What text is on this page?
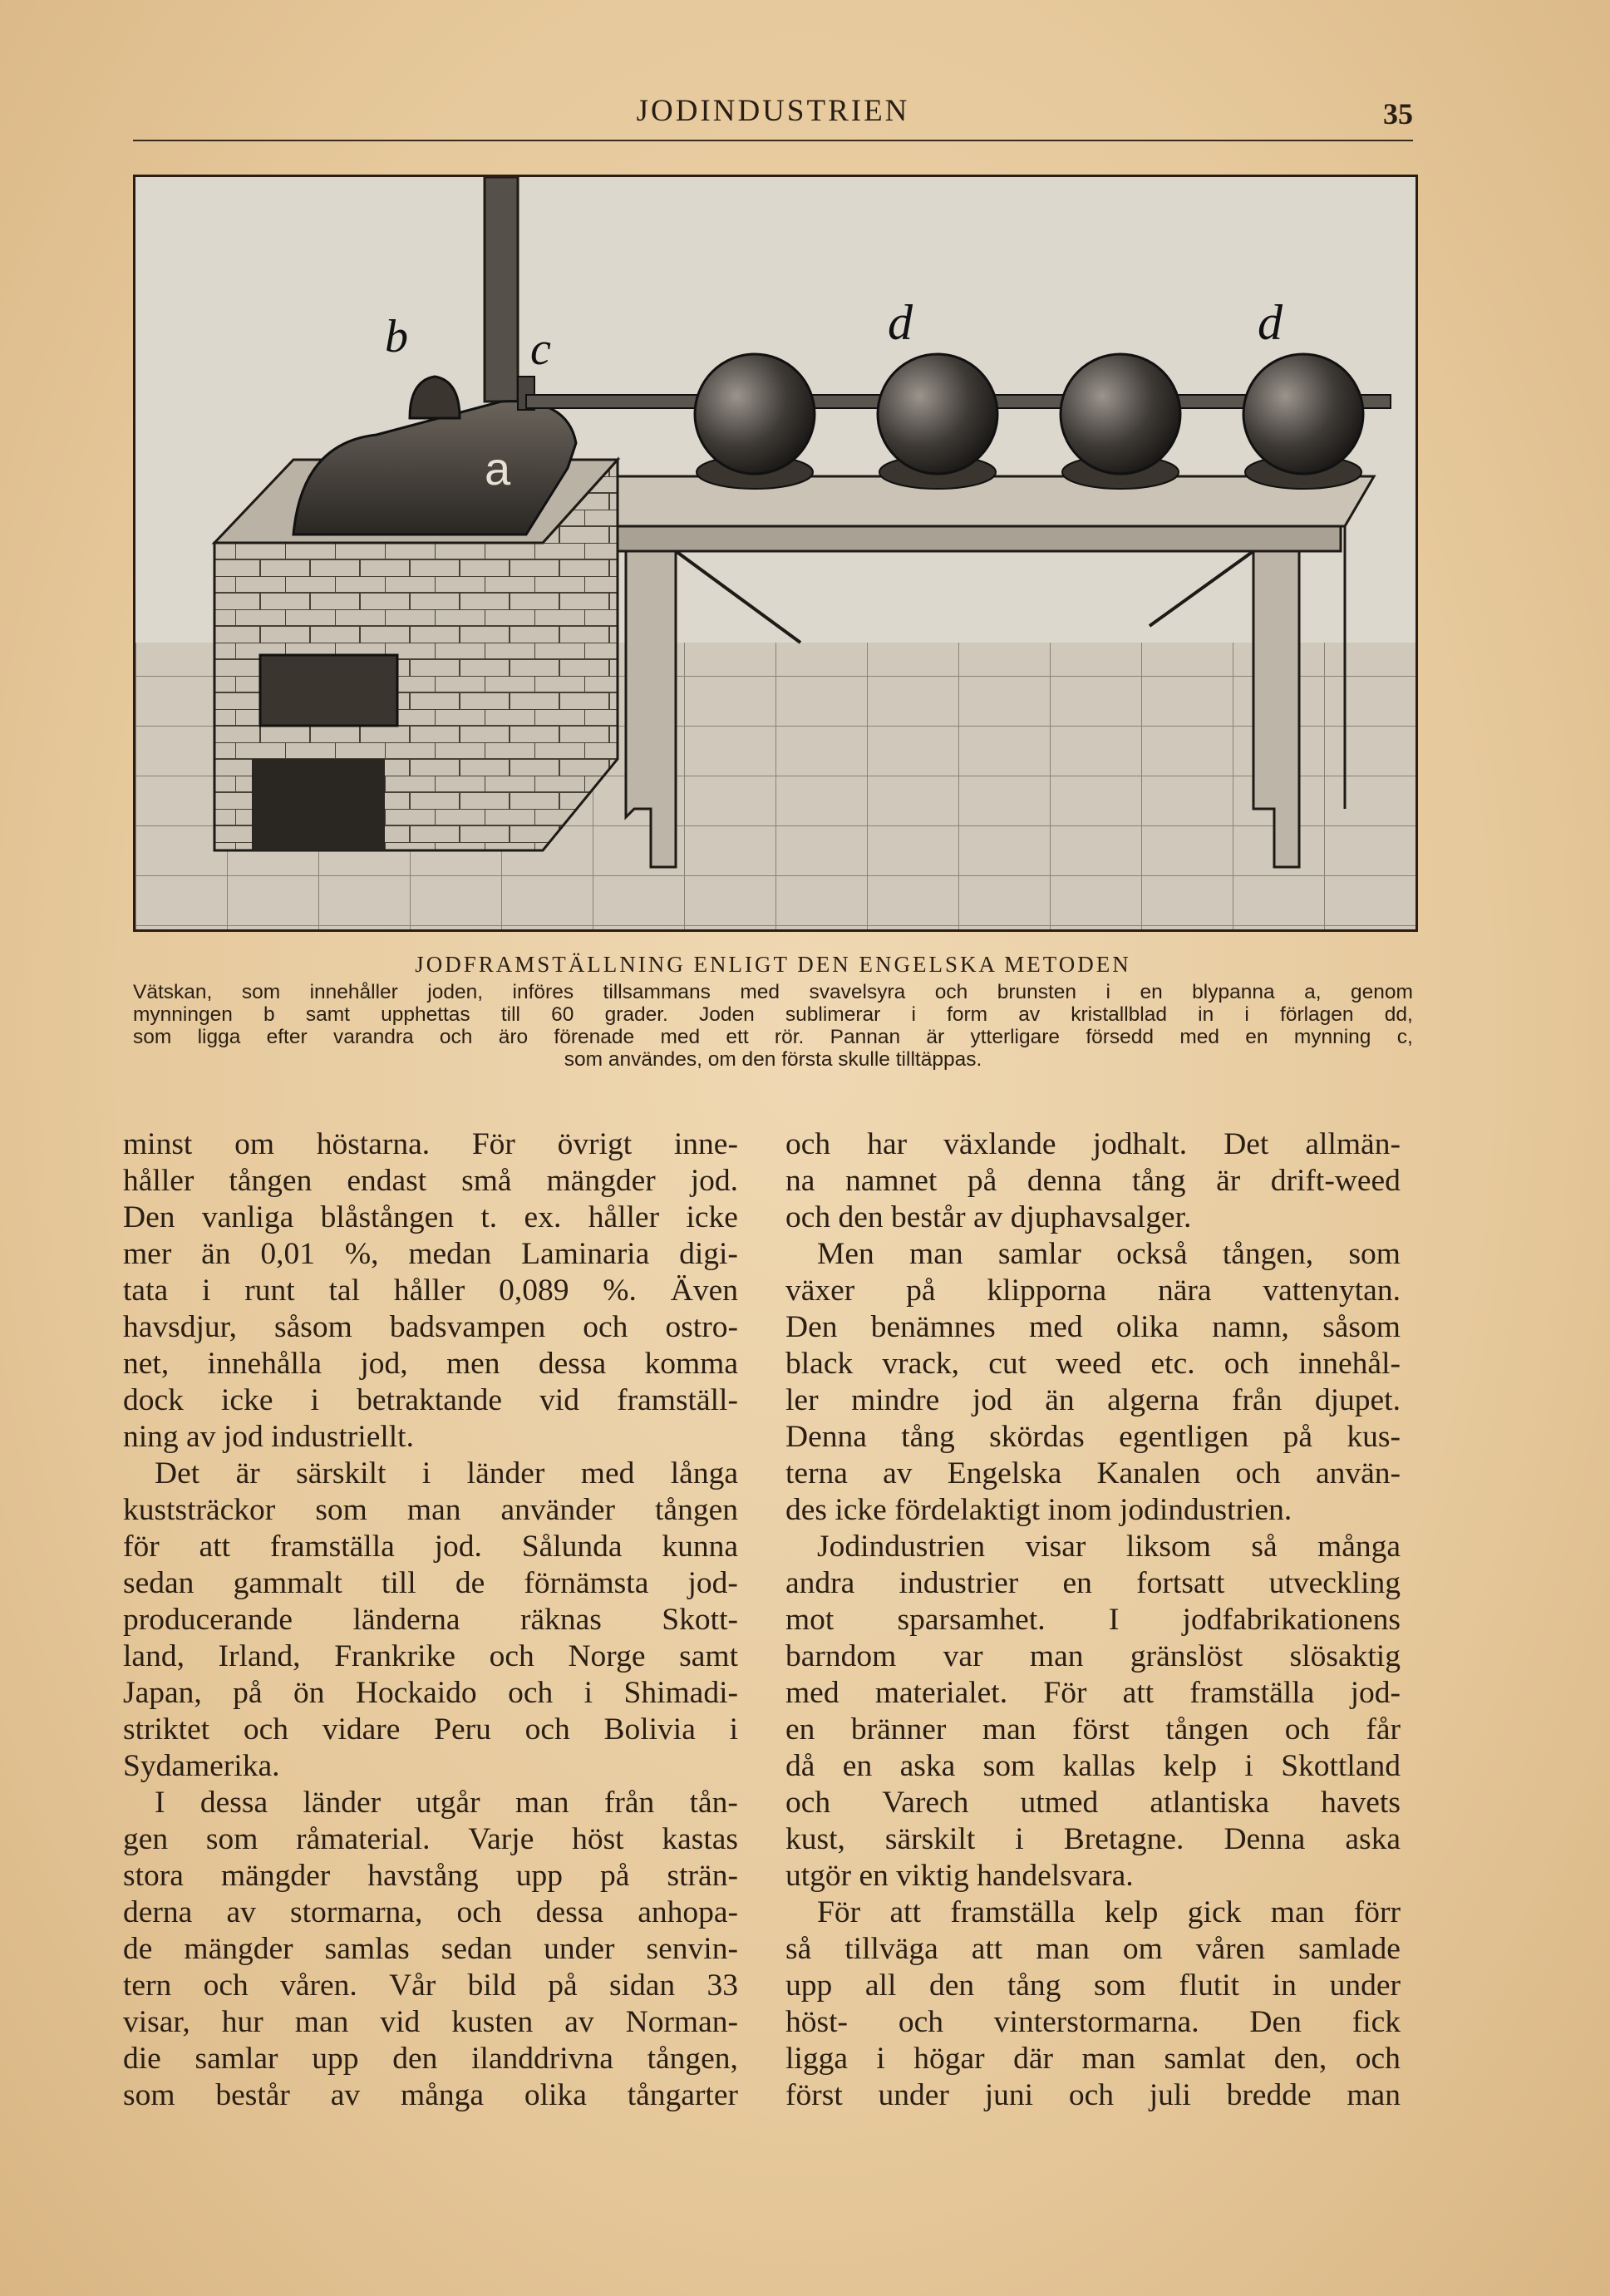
JODINDUSTRIEN	35
b	c
a
d	d
JODFRAMSTÄLLNING ENLIGT DEN ENGELSKA METODEN
Vätskan, som innehåller joden, införes tillsammans med svavelsyra och brunsten i en blypanna a, genom
mynningen b samt upphettas till 60 grader. Joden sublimerar i form av kristallblad in i förlagen dd,
som ligga efter varandra och äro förenade med ett rör. Pannan är ytterligare försedd med en mynning c,
som användes, om den första skulle tilltäppas.
minst om höstarna. För övrigt inne-
håller tången endast små mängder jod.
Den vanliga blåstången t. ex. håller icke
mer än 0,01 %, medan Laminaria digi-
tata i runt tal håller 0,089 %. Även
havsdjur, såsom badsvampen och ostro-
net, innehålla jod, men dessa komma
dock icke i betraktande vid framställ-
ning av jod industriellt.
Det är särskilt i länder med långa
kuststräckor som man använder tången
för att framställa jod. Sålunda kunna
sedan gammalt till de förnämsta jod-
producerande länderna räknas Skott-
land, Irland, Frankrike och Norge samt
Japan, på ön Hockaido och i Shimadi-
striktet och vidare Peru och Bolivia i
Sydamerika.
I dessa länder utgår man från tån-
gen som råmaterial. Varje höst kastas
stora mängder havstång upp på strän-
derna av stormarna, och dessa anhopa-
de mängder samlas sedan under senvin-
tern och våren. Vår bild på sidan 33
visar, hur man vid kusten av Norman-
die samlar upp den ilanddrivna tången,
som består av många olika tångarter
och har växlande jodhalt. Det allmän-
na namnet på denna tång är drift-weed
och den består av djuphavsalger.
Men man samlar också tången, som
växer på klipporna nära vattenytan.
Den benämnes med olika namn, såsom
black vrack, cut weed etc. och innehål-
ler mindre jod än algerna från djupet.
Denna tång skördas egentligen på kus-
terna av Engelska Kanalen och använ-
des icke fördelaktigt inom jodindustrien.
Jodindustrien visar liksom så många
andra industrier en fortsatt utveckling
mot sparsamhet. I jodfabrikationens
barndom var man gränslöst slösaktig
med materialet. För att framställa jod-
en bränner man först tången och får
då en aska som kallas kelp i Skottland
och Varech utmed atlantiska havets
kust, särskilt i Bretagne. Denna aska
utgör en viktig handelsvara.
För att framställa kelp gick man förr
så tillväga att man om våren samlade
upp all den tång som flutit in under
höst- och vinterstormarna. Den fick
ligga i högar där man samlat den, och
först under juni och juli bredde man
